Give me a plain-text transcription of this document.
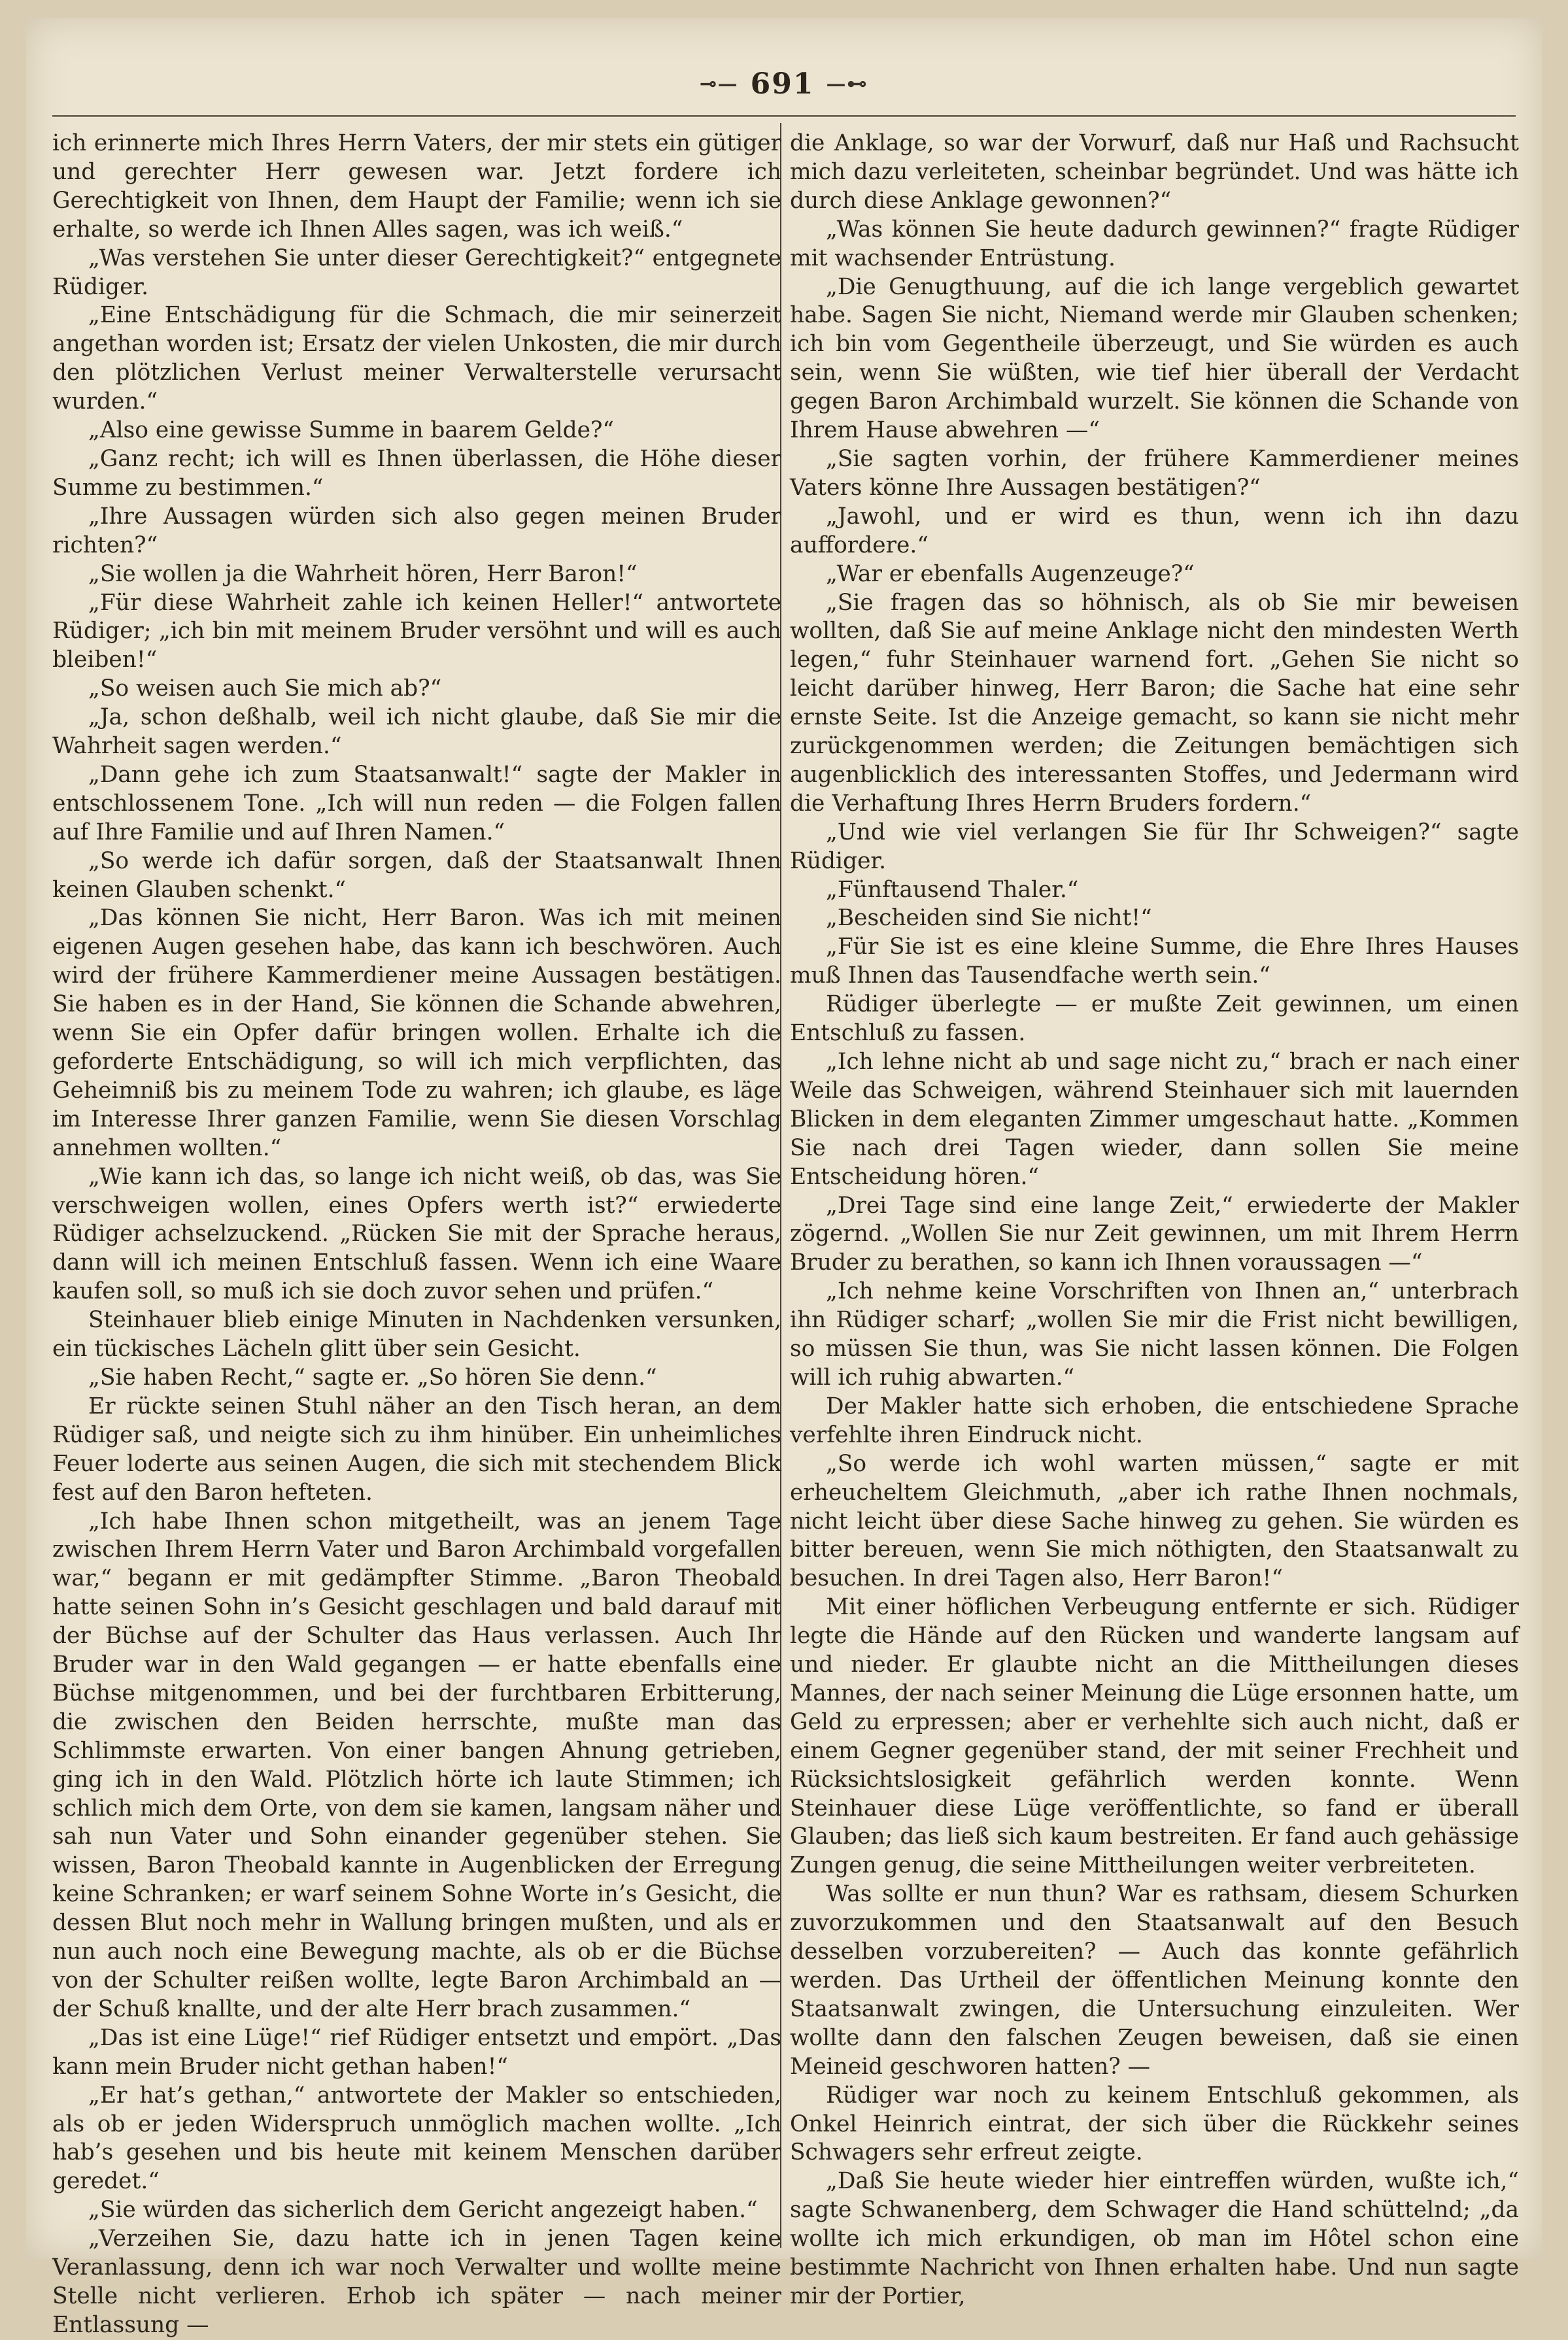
⊸— 691 —⊷

ich erinnerte mich Ihres Herrn Vaters, der mir stets ein gütiger und gerechter Herr gewesen war. Jetzt fordere ich Gerechtigkeit von Ihnen, dem Haupt der Familie; wenn ich sie erhalte, so werde ich Ihnen Alles sagen, was ich weiß.“

„Was verstehen Sie unter dieser Gerechtigkeit?“ entgegnete Rüdiger.

„Eine Entschädigung für die Schmach, die mir seinerzeit angethan worden ist; Ersatz der vielen Unkosten, die mir durch den plötzlichen Verlust meiner Verwalterstelle verursacht wurden.“

„Also eine gewisse Summe in baarem Gelde?“

„Ganz recht; ich will es Ihnen überlassen, die Höhe dieser Summe zu bestimmen.“

„Ihre Aussagen würden sich also gegen meinen Bruder richten?“

„Sie wollen ja die Wahrheit hören, Herr Baron!“

„Für diese Wahrheit zahle ich keinen Heller!“ antwortete Rüdiger; „ich bin mit meinem Bruder versöhnt und will es auch bleiben!“

„So weisen auch Sie mich ab?“

„Ja, schon deßhalb, weil ich nicht glaube, daß Sie mir die Wahrheit sagen werden.“

„Dann gehe ich zum Staatsanwalt!“ sagte der Makler in entschlossenem Tone. „Ich will nun reden — die Folgen fallen auf Ihre Familie und auf Ihren Namen.“

„So werde ich dafür sorgen, daß der Staatsanwalt Ihnen keinen Glauben schenkt.“

„Das können Sie nicht, Herr Baron. Was ich mit meinen eigenen Augen gesehen habe, das kann ich beschwören. Auch wird der frühere Kammerdiener meine Aussagen bestätigen. Sie haben es in der Hand, Sie können die Schande abwehren, wenn Sie ein Opfer dafür bringen wollen. Erhalte ich die geforderte Entschädigung, so will ich mich verpflichten, das Geheimniß bis zu meinem Tode zu wahren; ich glaube, es läge im Interesse Ihrer ganzen Familie, wenn Sie diesen Vorschlag annehmen wollten.“

„Wie kann ich das, so lange ich nicht weiß, ob das, was Sie verschweigen wollen, eines Opfers werth ist?“ erwiederte Rüdiger achselzuckend. „Rücken Sie mit der Sprache heraus, dann will ich meinen Entschluß fassen. Wenn ich eine Waare kaufen soll, so muß ich sie doch zuvor sehen und prüfen.“

Steinhauer blieb einige Minuten in Nachdenken versunken, ein tückisches Lächeln glitt über sein Gesicht.

„Sie haben Recht,“ sagte er. „So hören Sie denn.“

Er rückte seinen Stuhl näher an den Tisch heran, an dem Rüdiger saß, und neigte sich zu ihm hinüber. Ein unheimliches Feuer loderte aus seinen Augen, die sich mit stechendem Blick fest auf den Baron hefteten.

„Ich habe Ihnen schon mitgetheilt, was an jenem Tage zwischen Ihrem Herrn Vater und Baron Archimbald vorgefallen war,“ begann er mit gedämpfter Stimme. „Baron Theobald hatte seinen Sohn in’s Gesicht geschlagen und bald darauf mit der Büchse auf der Schulter das Haus verlassen. Auch Ihr Bruder war in den Wald gegangen — er hatte ebenfalls eine Büchse mitgenommen, und bei der furchtbaren Erbitterung, die zwischen den Beiden herrschte, mußte man das Schlimmste erwarten. Von einer bangen Ahnung getrieben, ging ich in den Wald. Plötzlich hörte ich laute Stimmen; ich schlich mich dem Orte, von dem sie kamen, langsam näher und sah nun Vater und Sohn einander gegenüber stehen. Sie wissen, Baron Theobald kannte in Augenblicken der Erregung keine Schranken; er warf seinem Sohne Worte in’s Gesicht, die dessen Blut noch mehr in Wallung bringen mußten, und als er nun auch noch eine Bewegung machte, als ob er die Büchse von der Schulter reißen wollte, legte Baron Archimbald an — der Schuß knallte, und der alte Herr brach zusammen.“

„Das ist eine Lüge!“ rief Rüdiger entsetzt und empört. „Das kann mein Bruder nicht gethan haben!“

„Er hat’s gethan,“ antwortete der Makler so entschieden, als ob er jeden Widerspruch unmöglich machen wollte. „Ich hab’s gesehen und bis heute mit keinem Menschen darüber geredet.“

„Sie würden das sicherlich dem Gericht angezeigt haben.“

„Verzeihen Sie, dazu hatte ich in jenen Tagen keine Veranlassung, denn ich war noch Verwalter und wollte meine Stelle nicht verlieren. Erhob ich später — nach meiner Entlassung —

die Anklage, so war der Vorwurf, daß nur Haß und Rachsucht mich dazu verleiteten, scheinbar begründet. Und was hätte ich durch diese Anklage gewonnen?“

„Was können Sie heute dadurch gewinnen?“ fragte Rüdiger mit wachsender Entrüstung.

„Die Genugthuung, auf die ich lange vergeblich gewartet habe. Sagen Sie nicht, Niemand werde mir Glauben schenken; ich bin vom Gegentheile überzeugt, und Sie würden es auch sein, wenn Sie wüßten, wie tief hier überall der Verdacht gegen Baron Archimbald wurzelt. Sie können die Schande von Ihrem Hause abwehren —“

„Sie sagten vorhin, der frühere Kammerdiener meines Vaters könne Ihre Aussagen bestätigen?“

„Jawohl, und er wird es thun, wenn ich ihn dazu auffordere.“

„War er ebenfalls Augenzeuge?“

„Sie fragen das so höhnisch, als ob Sie mir beweisen wollten, daß Sie auf meine Anklage nicht den mindesten Werth legen,“ fuhr Steinhauer warnend fort. „Gehen Sie nicht so leicht darüber hinweg, Herr Baron; die Sache hat eine sehr ernste Seite. Ist die Anzeige gemacht, so kann sie nicht mehr zurückgenommen werden; die Zeitungen bemächtigen sich augenblicklich des interessanten Stoffes, und Jedermann wird die Verhaftung Ihres Herrn Bruders fordern.“

„Und wie viel verlangen Sie für Ihr Schweigen?“ sagte Rüdiger.

„Fünftausend Thaler.“

„Bescheiden sind Sie nicht!“

„Für Sie ist es eine kleine Summe, die Ehre Ihres Hauses muß Ihnen das Tausendfache werth sein.“

Rüdiger überlegte — er mußte Zeit gewinnen, um einen Entschluß zu fassen.

„Ich lehne nicht ab und sage nicht zu,“ brach er nach einer Weile das Schweigen, während Steinhauer sich mit lauernden Blicken in dem eleganten Zimmer umgeschaut hatte. „Kommen Sie nach drei Tagen wieder, dann sollen Sie meine Entscheidung hören.“

„Drei Tage sind eine lange Zeit,“ erwiederte der Makler zögernd. „Wollen Sie nur Zeit gewinnen, um mit Ihrem Herrn Bruder zu berathen, so kann ich Ihnen voraussagen —“

„Ich nehme keine Vorschriften von Ihnen an,“ unterbrach ihn Rüdiger scharf; „wollen Sie mir die Frist nicht bewilligen, so müssen Sie thun, was Sie nicht lassen können. Die Folgen will ich ruhig abwarten.“

Der Makler hatte sich erhoben, die entschiedene Sprache verfehlte ihren Eindruck nicht.

„So werde ich wohl warten müssen,“ sagte er mit erheucheltem Gleichmuth, „aber ich rathe Ihnen nochmals, nicht leicht über diese Sache hinweg zu gehen. Sie würden es bitter bereuen, wenn Sie mich nöthigten, den Staatsanwalt zu besuchen. In drei Tagen also, Herr Baron!“

Mit einer höflichen Verbeugung entfernte er sich. Rüdiger legte die Hände auf den Rücken und wanderte langsam auf und nieder. Er glaubte nicht an die Mittheilungen dieses Mannes, der nach seiner Meinung die Lüge ersonnen hatte, um Geld zu erpressen; aber er verhehlte sich auch nicht, daß er einem Gegner gegenüber stand, der mit seiner Frechheit und Rücksichtslosigkeit gefährlich werden konnte. Wenn Steinhauer diese Lüge veröffentlichte, so fand er überall Glauben; das ließ sich kaum bestreiten. Er fand auch gehässige Zungen genug, die seine Mittheilungen weiter verbreiteten.

Was sollte er nun thun? War es rathsam, diesem Schurken zuvorzukommen und den Staatsanwalt auf den Besuch desselben vorzubereiten? — Auch das konnte gefährlich werden. Das Urtheil der öffentlichen Meinung konnte den Staatsanwalt zwingen, die Untersuchung einzuleiten. Wer wollte dann den falschen Zeugen beweisen, daß sie einen Meineid geschworen hatten? —

Rüdiger war noch zu keinem Entschluß gekommen, als Onkel Heinrich eintrat, der sich über die Rückkehr seines Schwagers sehr erfreut zeigte.

„Daß Sie heute wieder hier eintreffen würden, wußte ich,“ sagte Schwanenberg, dem Schwager die Hand schüttelnd; „da wollte ich mich erkundigen, ob man im Hôtel schon eine bestimmte Nachricht von Ihnen erhalten habe. Und nun sagte mir der Portier,
